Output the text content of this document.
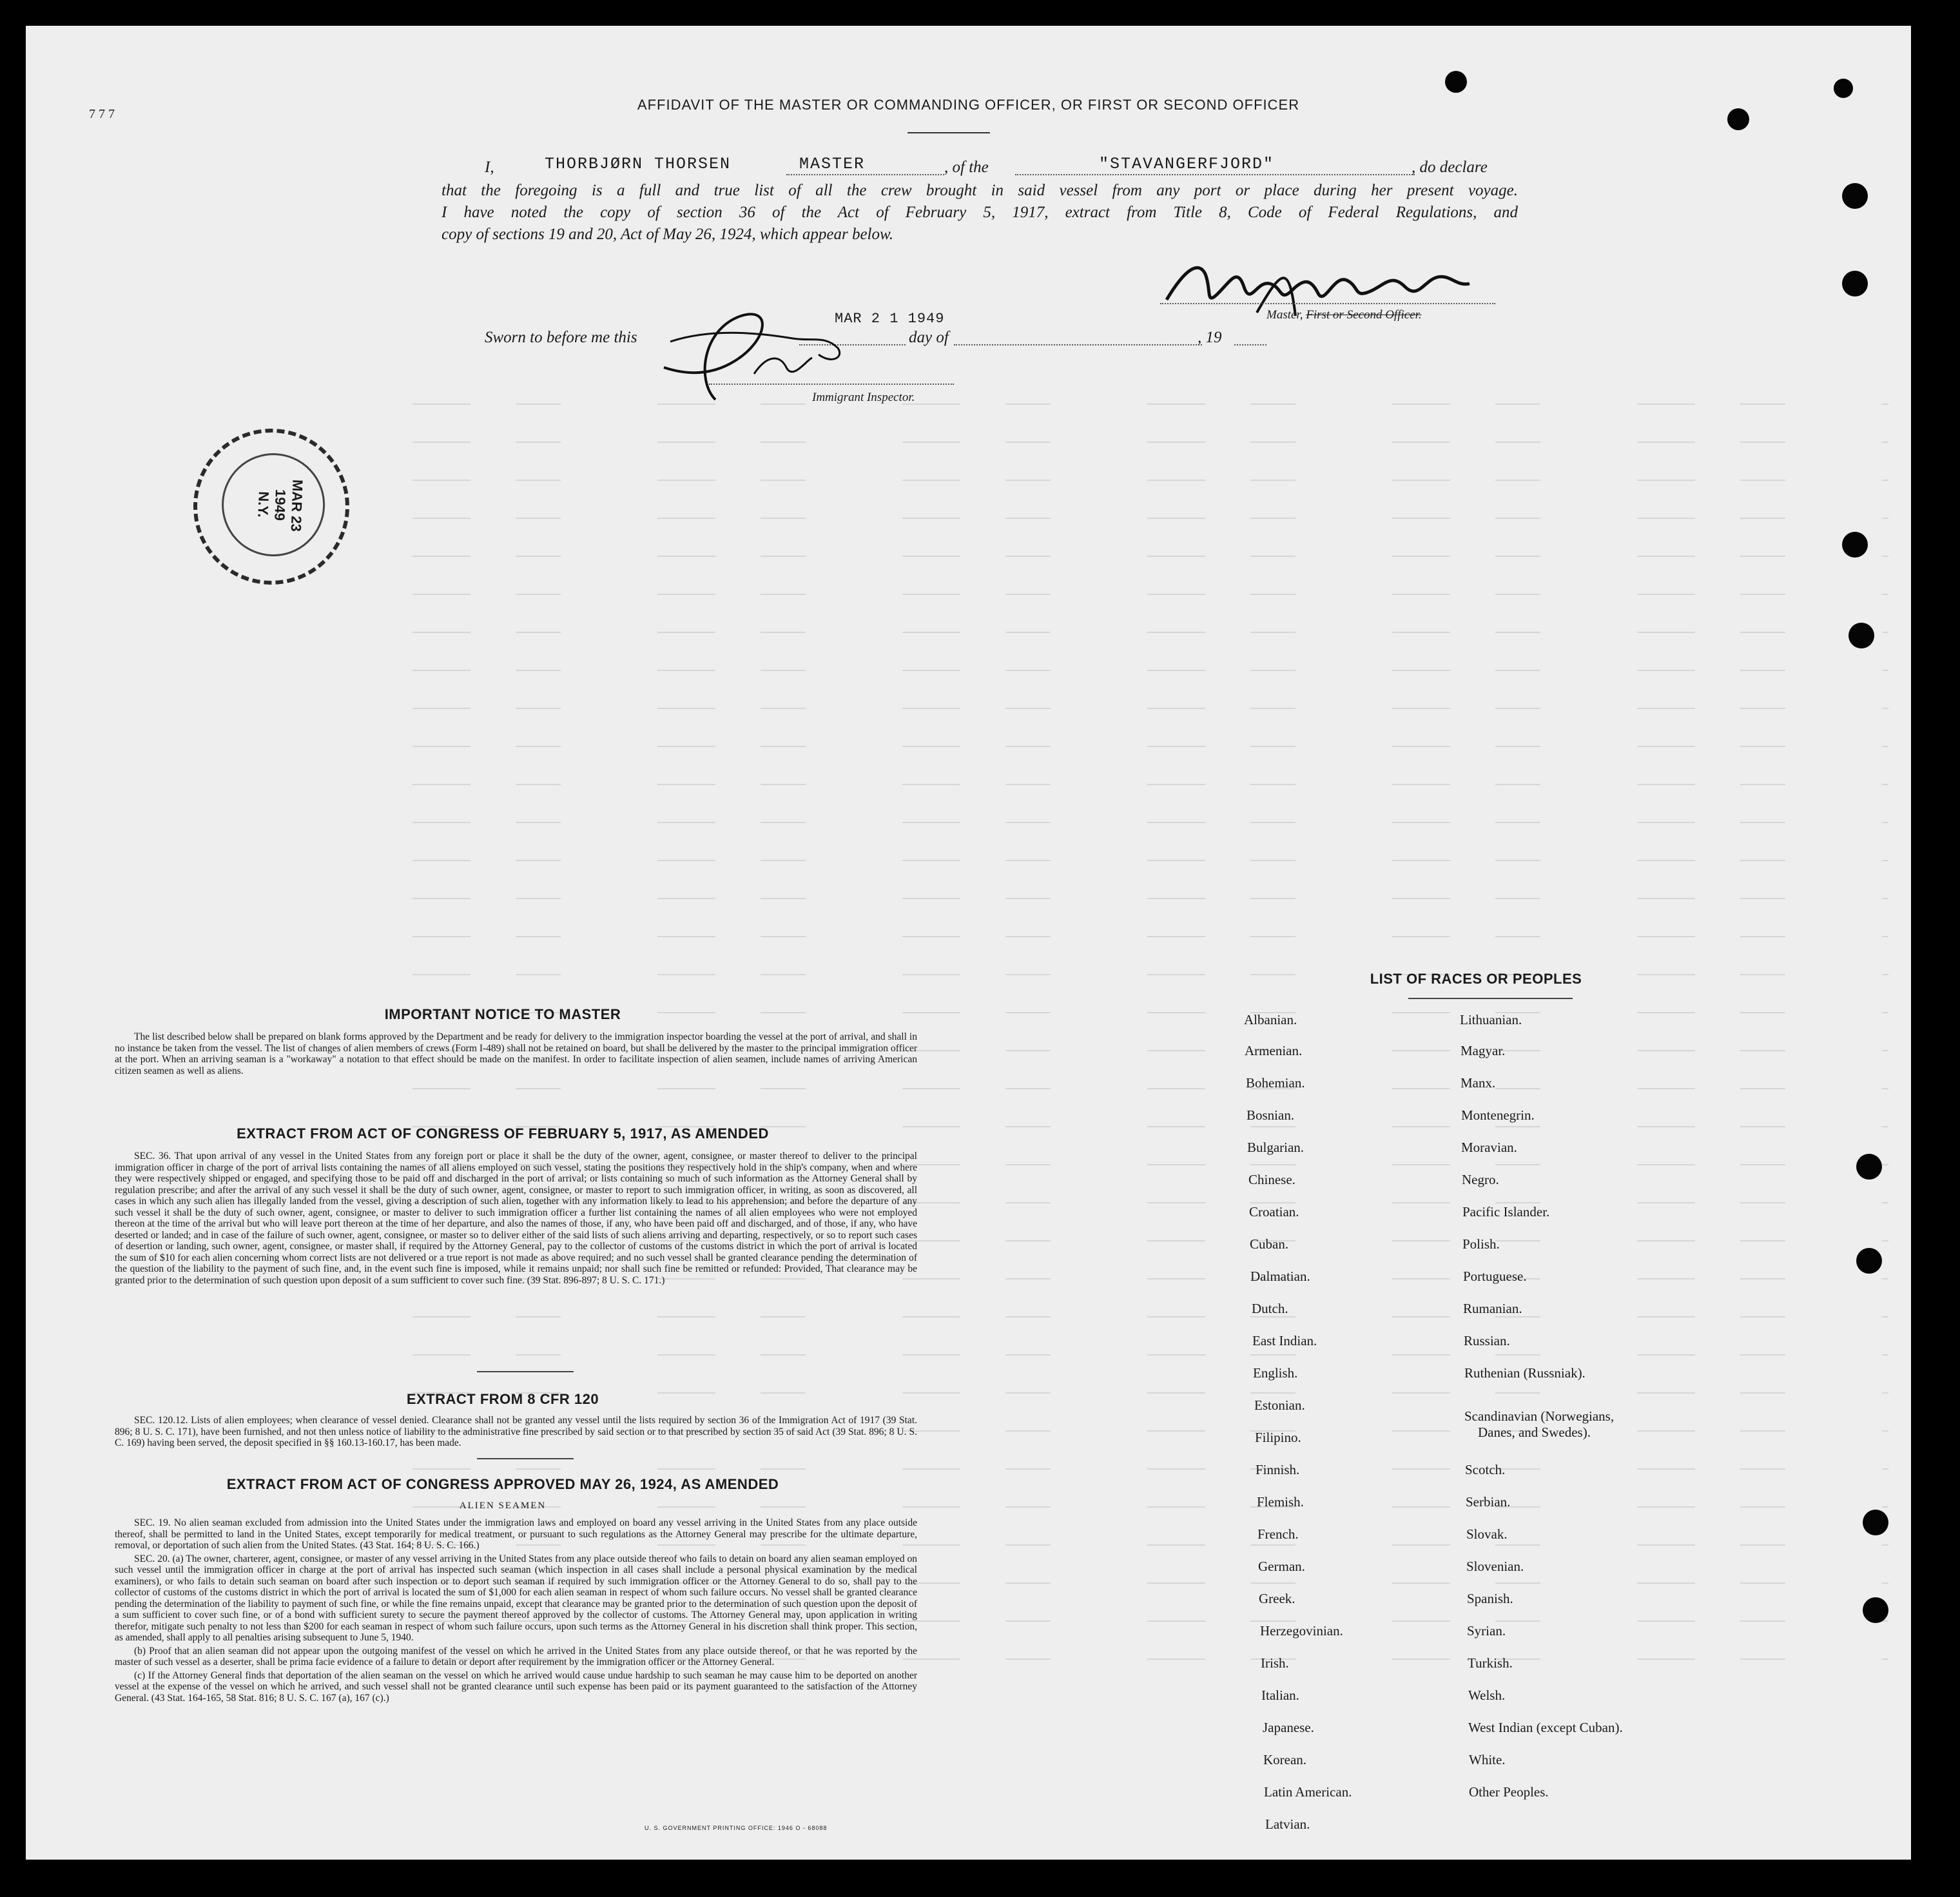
7 7 7
AFFIDAVIT OF THE MASTER OR COMMANDING OFFICER, OR FIRST OR SECOND OFFICER
I,	THORBJØRN THORSEN	MASTER	, of the	"STAVANGERFJORD"	, do declare
that the foregoing is a full and true list of all the crew brought in said vessel from any port or place during her present voyage.
I have noted the copy of section 36 of the Act of February 5, 1917, extract from Title 8, Code of Federal Regulations, and
copy of sections 19 and 20, Act of May 26, 1924, which appear below.
Master, First or Second Officer.
Sworn to before me this
MAR 2 1 1949
day of	, 19
Immigrant Inspector.
MAR 23
1949
N.Y.
IMPORTANT NOTICE TO MASTER

The list described below shall be prepared on blank forms approved by the Department and be ready for delivery to the immigration inspector boarding the vessel at the port of arrival, and shall in no instance be taken from the vessel. The list of changes of alien members of crews (Form I-489) shall not be retained on board, but shall be delivered by the master to the principal immigration officer at the port. When an arriving seaman is a "workaway" a notation to that effect should be made on the manifest. In order to facilitate inspection of alien seamen, include names of arriving American citizen seamen as well as aliens.

EXTRACT FROM ACT OF CONGRESS OF FEBRUARY 5, 1917, AS AMENDED

SEC. 36. That upon arrival of any vessel in the United States from any foreign port or place it shall be the duty of the owner, agent, consignee, or master thereof to deliver to the principal immigration officer in charge of the port of arrival lists containing the names of all aliens employed on such vessel, stating the positions they respectively hold in the ship's company, when and where they were respectively shipped or engaged, and specifying those to be paid off and discharged in the port of arrival; or lists containing so much of such information as the Attorney General shall by regulation prescribe; and after the arrival of any such vessel it shall be the duty of such owner, agent, consignee, or master to report to such immigration officer, in writing, as soon as discovered, all cases in which any such alien has illegally landed from the vessel, giving a description of such alien, together with any information likely to lead to his apprehension; and before the departure of any such vessel it shall be the duty of such owner, agent, consignee, or master to deliver to such immigration officer a further list containing the names of all alien employees who were not employed thereon at the time of the arrival but who will leave port thereon at the time of her departure, and also the names of those, if any, who have been paid off and discharged, and of those, if any, who have deserted or landed; and in case of the failure of such owner, agent, consignee, or master so to deliver either of the said lists of such aliens arriving and departing, respectively, or so to report such cases of desertion or landing, such owner, agent, consignee, or master shall, if required by the Attorney General, pay to the collector of customs of the customs district in which the port of arrival is located the sum of $10 for each alien concerning whom correct lists are not delivered or a true report is not made as above required; and no such vessel shall be granted clearance pending the determination of the question of the liability to the payment of such fine, and, in the event such fine is imposed, while it remains unpaid; nor shall such fine be remitted or refunded: Provided, That clearance may be granted prior to the determination of such question upon deposit of a sum sufficient to cover such fine. (39 Stat. 896-897; 8 U. S. C. 171.)

EXTRACT FROM 8 CFR 120

SEC. 120.12. Lists of alien employees; when clearance of vessel denied. Clearance shall not be granted any vessel until the lists required by section 36 of the Immigration Act of 1917 (39 Stat. 896; 8 U. S. C. 171), have been furnished, and not then unless notice of liability to the administrative fine prescribed by said section or to that prescribed by section 35 of said Act (39 Stat. 896; 8 U. S. C. 169) having been served, the deposit specified in §§ 160.13-160.17, has been made.

EXTRACT FROM ACT OF CONGRESS APPROVED MAY 26, 1924, AS AMENDED
ALIEN SEAMEN

SEC. 19. No alien seaman excluded from admission into the United States under the immigration laws and employed on board any vessel arriving in the United States from any place outside thereof, shall be permitted to land in the United States, except temporarily for medical treatment, or pursuant to such regulations as the Attorney General may prescribe for the ultimate departure, removal, or deportation of such alien from the United States. (43 Stat. 164; 8 U. S. C. 166.)

SEC. 20. (a) The owner, charterer, agent, consignee, or master of any vessel arriving in the United States from any place outside thereof who fails to detain on board any alien seaman employed on such vessel until the immigration officer in charge at the port of arrival has inspected such seaman (which inspection in all cases shall include a personal physical examination by the medical examiners), or who fails to detain such seaman on board after such inspection or to deport such seaman if required by such immigration officer or the Attorney General to do so, shall pay to the collector of customs of the customs district in which the port of arrival is located the sum of $1,000 for each alien seaman in respect of whom such failure occurs. No vessel shall be granted clearance pending the determination of the liability to payment of such fine, or while the fine remains unpaid, except that clearance may be granted prior to the determination of such question upon the deposit of a sum sufficient to cover such fine, or of a bond with sufficient surety to secure the payment thereof approved by the collector of customs. The Attorney General may, upon application in writing therefor, mitigate such penalty to not less than $200 for each seaman in respect of whom such failure occurs, upon such terms as the Attorney General in his discretion shall think proper. This section, as amended, shall apply to all penalties arising subsequent to June 5, 1940.

(b) Proof that an alien seaman did not appear upon the outgoing manifest of the vessel on which he arrived in the United States from any place outside thereof, or that he was reported by the master of such vessel as a deserter, shall be prima facie evidence of a failure to detain or deport after requirement by the immigration officer or the Attorney General.

(c) If the Attorney General finds that deportation of the alien seaman on the vessel on which he arrived would cause undue hardship to such seaman he may cause him to be deported on another vessel at the expense of the vessel on which he arrived, and such vessel shall not be granted clearance until such expense has been paid or its payment guaranteed to the satisfaction of the Attorney General. (43 Stat. 164-165, 58 Stat. 816; 8 U. S. C. 167 (a), 167 (c).)

LIST OF RACES OR PEOPLES
Albanian.
Armenian.
Bohemian.
Bosnian.
Bulgarian.
Chinese.
Croatian.
Cuban.
Dalmatian.
Dutch.
East Indian.
English.
Estonian.
Filipino.
Finnish.
Flemish.
French.
German.
Greek.
Herzegovinian.
Irish.
Italian.
Japanese.
Korean.
Latin American.
Latvian.
Lithuanian.
Magyar.
Manx.
Montenegrin.
Moravian.
Negro.
Pacific Islander.
Polish.
Portuguese.
Rumanian.
Russian.
Ruthenian (Russniak).
Scandinavian (Norwegians,
Danes, and Swedes).
Scotch.
Serbian.
Slovak.
Slovenian.
Spanish.
Syrian.
Turkish.
Welsh.
West Indian (except Cuban).
White.
Other Peoples.
U. S. GOVERNMENT PRINTING OFFICE: 1946 O - 68088
